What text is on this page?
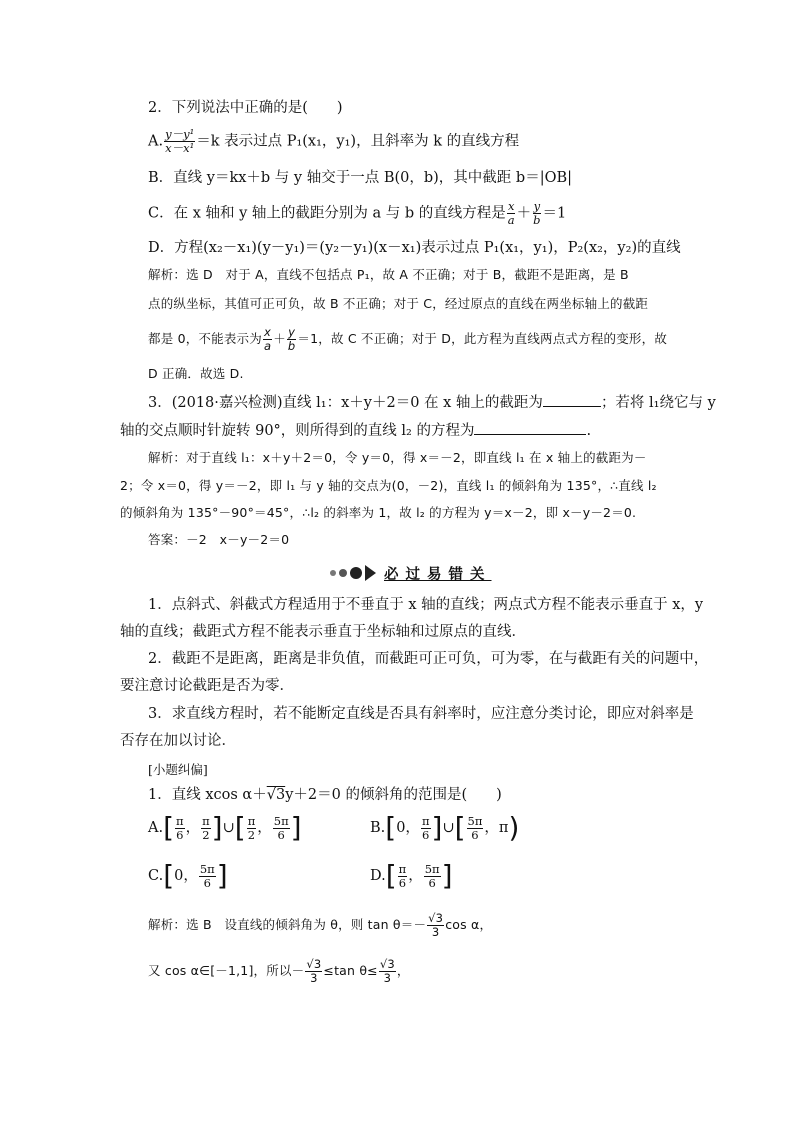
2．下列说法中正确的是(　　)
A. $\frac{\text{y－y¹}}{\text{x－x¹}} =k$ 表示过点 P₁(x₁，y₁)，且斜率为 k 的直线方程
B．直线 y＝kx＋b 与 y 轴交于一点 B(0，b)，其中截距 b＝|OB|
C．在 x 轴和 y 轴上的截距分别为 a 与 b 的直线方程是 $\frac{x}{a} + \frac{y}{b} =1$
D．方程(x₂－x₁)(y－y₁)＝(y₂－y₁)(x－x₁)表示过点 P₁(x₁，y₁)，P₂(x₂，y₂)的直线
解析：选 D　对于 A，直线不包括点 P₁，故 A 不正确；对于 B，截距不是距离，是 B
点的纵坐标，其值可正可负，故 B 不正确；对于 C，经过原点的直线在两坐标轴上的截距
都是 0，不能表示为 $\frac{x}{a} + \frac{y}{b} =1$，故 C 不正确；对于 D，此方程为直线两点式方程的变形，故
D 正确．故选 D.
3．(2018·嘉兴检测)直线 l₁：x＋y＋2＝0 在 x 轴上的截距为	；若将 l₁绕它与 y
轴的交点顺时针旋转 90°，则所得到的直线 l₂ 的方程为	.
解析：对于直线 l₁：x＋y＋2＝0，令 y＝0，得 x＝－2，即直线 l₁ 在 x 轴上的截距为－
2；令 x＝0，得 y＝－2，即 l₁ 与 y 轴的交点为(0，－2)，直线 l₁ 的倾斜角为 135°，∴直线 l₂
的倾斜角为 135°－90°＝45°，∴l₂ 的斜率为 1，故 l₂ 的方程为 y＝x－2，即 x－y－2＝0.
答案：－2　x－y－2＝0
必过易错关
1．点斜式、斜截式方程适用于不垂直于 x 轴的直线；两点式方程不能表示垂直于 x，y
轴的直线；截距式方程不能表示垂直于坐标轴和过原点的直线．
2．截距不是距离，距离是非负值，而截距可正可负，可为零，在与截距有关的问题中，
要注意讨论截距是否为零．
3．求直线方程时，若不能断定直线是否具有斜率时，应注意分类讨论，即应对斜率是
否存在加以讨论．
[小题纠偏]
1．直线 xcos α＋√3y＋2＝0 的倾斜角的范围是(　　)
$A.[ \frac{\pi}{6}$ ， $\frac{\pi}{2}$ ]∪[ $\frac{\pi}{2}$ ， $\frac{5\pi}{6}$ ]	B.[0， $\frac{\pi}{6}$ ]∪[ $\frac{5\pi}{6}$ ，π)
C.[0， $\frac{5\pi}{6}$ ]	$D.[ \frac{\pi}{6}$ ， $\frac{5\pi}{6}$ ]
解析：选 B　设直线的倾斜角为 θ，则 $\tan \theta=- \frac{√3}{3}$ cos α，
又 cos α∈[－1,1]，所以－ $\frac{√3}{3} \le\tan$ $\theta\le \frac{√3}{3}$ ，
